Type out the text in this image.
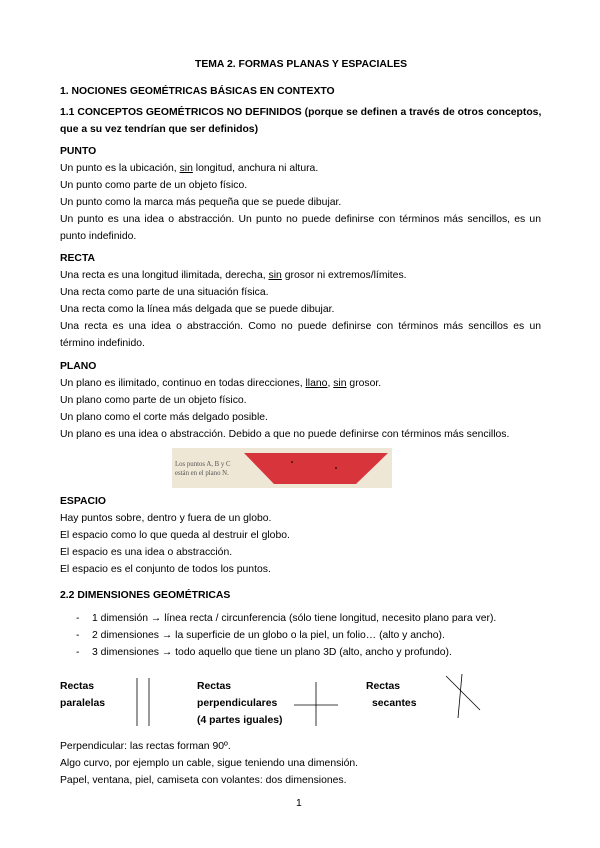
TEMA 2. FORMAS PLANAS Y ESPACIALES
1. NOCIONES GEOMÉTRICAS BÁSICAS EN CONTEXTO
1.1 CONCEPTOS GEOMÉTRICOS NO DEFINIDOS (porque se definen a través de otros conceptos,
que a su vez tendrían que ser definidos)
PUNTO
Un punto es la ubicación, sin longitud, anchura ni altura.
Un punto como parte de un objeto físico.
Un punto como la marca más pequeña que se puede dibujar.
Un punto es una idea o abstracción. Un punto no puede definirse con términos más sencillos, es un
punto indefinido.
RECTA
Una recta es una longitud ilimitada, derecha, sin grosor ni extremos/límites.
Una recta como parte de una situación física.
Una recta como la línea más delgada que se puede dibujar.
Una recta es una idea o abstracción. Como no puede definirse con términos más sencillos es un
término indefinido.
PLANO
Un plano es ilimitado, continuo en todas direcciones, llano, sin grosor.
Un plano como parte de un objeto físico.
Un plano como el corte más delgado posible.
Un plano es una idea o abstracción. Debido a que no puede definirse con términos más sencillos.
Los puntos A, B y C
están en el plano N.
ESPACIO
Hay puntos sobre, dentro y fuera de un globo.
El espacio como lo que queda al destruir el globo.
El espacio es una idea o abstracción.
El espacio es el conjunto de todos los puntos.
2.2 DIMENSIONES GEOMÉTRICAS
- 1 dimensión → línea recta / circunferencia (sólo tiene longitud, necesito plano para ver).
- 2 dimensiones → la superficie de un globo o la piel, un folio… (alto y ancho).
- 3 dimensiones → todo aquello que tiene un plano 3D (alto, ancho y profundo).
Rectas
paralelas
Rectas
perpendiculares
(4 partes iguales)
Rectas
secantes
Perpendicular: las rectas forman 90º.
Algo curvo, por ejemplo un cable, sigue teniendo una dimensión.
Papel, ventana, piel, camiseta con volantes: dos dimensiones.
1
